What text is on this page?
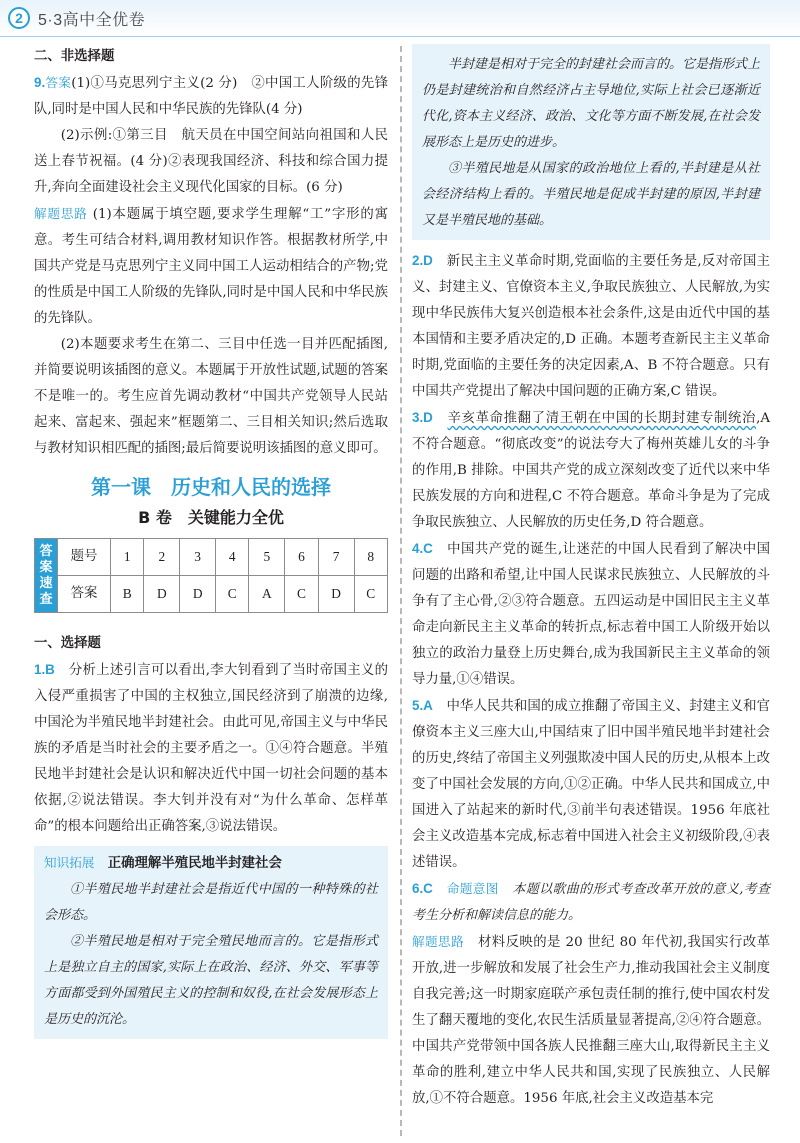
2 5·3高中全优卷

二、非选择题

9.答案(1)①马克思列宁主义(2 分)　②中国工人阶级的先锋队,同时是中国人民和中华民族的先锋队(4 分)

(2)示例:①第三目　航天员在中国空间站向祖国和人民送上春节祝福。(4 分)②表现我国经济、科技和综合国力提升,奔向全面建设社会主义现代化国家的目标。(6 分)

解题思路 (1)本题属于填空题,要求学生理解“工”字形的寓意。考生可结合材料,调用教材知识作答。根据教材所学,中国共产党是马克思列宁主义同中国工人运动相结合的产物;党的性质是中国工人阶级的先锋队,同时是中国人民和中华民族的先锋队。

(2)本题要求考生在第二、三目中任选一目并匹配插图,并简要说明该插图的意义。本题属于开放性试题,试题的答案不是唯一的。考生应首先调动教材“中国共产党领导人民站起来、富起来、强起来”框题第二、三目相关知识;然后选取与教材知识相匹配的插图;最后简要说明该插图的意义即可。

第一课　历史和人民的选择
B 卷　关键能力全优
答案速查	题号	1	2	3	4	5	6	7	8
	答案	B	D	D	C	A	C	D	C

一、选择题

1.B　 分析上述引言可以看出,李大钊看到了当时帝国主义的入侵严重损害了中国的主权独立,国民经济到了崩溃的边缘,中国沦为半殖民地半封建社会。由此可见,帝国主义与中华民族的矛盾是当时社会的主要矛盾之一。①④符合题意。半殖民地半封建社会是认识和解决近代中国一切社会问题的基本依据,②说法错误。李大钊并没有对“为什么革命、怎样革命”的根本问题给出正确答案,③说法错误。

知识拓展　 正确理解半殖民地半封建社会

①半殖民地半封建社会是指近代中国的一种特殊的社会形态。

②半殖民地是相对于完全殖民地而言的。它是指形式上是独立自主的国家,实际上在政治、经济、外交、军事等方面都受到外国殖民主义的控制和奴役,在社会发展形态上是历史的沉沦。

半封建是相对于完全的封建社会而言的。它是指形式上仍是封建统治和自然经济占主导地位,实际上社会已逐渐近代化,资本主义经济、政治、文化等方面不断发展,在社会发展形态上是历史的进步。

③半殖民地是从国家的政治地位上看的,半封建是从社会经济结构上看的。半殖民地是促成半封建的原因,半封建又是半殖民地的基础。

2.D　 新民主主义革命时期,党面临的主要任务是,反对帝国主义、封建主义、官僚资本主义,争取民族独立、人民解放,为实现中华民族伟大复兴创造根本社会条件,这是由近代中国的基本国情和主要矛盾决定的,D 正确。本题考查新民主主义革命时期,党面临的主要任务的决定因素,A、B 不符合题意。只有中国共产党提出了解决中国问题的正确方案,C 错误。

3.D　 辛亥革命推翻了清王朝在中国的长期封建专制统治,A 不符合题意。“彻底改变”的说法夸大了梅州英雄儿女的斗争的作用,B 排除。中国共产党的成立深刻改变了近代以来中华民族发展的方向和进程,C 不符合题意。革命斗争是为了完成争取民族独立、人民解放的历史任务,D 符合题意。

4.C　 中国共产党的诞生,让迷茫的中国人民看到了解决中国问题的出路和希望,让中国人民谋求民族独立、人民解放的斗争有了主心骨,②③符合题意。五四运动是中国旧民主主义革命走向新民主主义革命的转折点,标志着中国工人阶级开始以独立的政治力量登上历史舞台,成为我国新民主主义革命的领导力量,①④错误。

5.A　 中华人民共和国的成立推翻了帝国主义、封建主义和官僚资本主义三座大山,中国结束了旧中国半殖民地半封建社会的历史,终结了帝国主义列强欺凌中国人民的历史,从根本上改变了中国社会发展的方向,①②正确。中华人民共和国成立,中国进入了站起来的新时代,③前半句表述错误。1956 年底社会主义改造基本完成,标志着中国进入社会主义初级阶段,④表述错误。

6.C　 命题意图　 本题以歌曲的形式考查改革开放的意义,考查考生分析和解读信息的能力。

解题思路　 材料反映的是 20 世纪 80 年代初,我国实行改革开放,进一步解放和发展了社会生产力,推动我国社会主义制度自我完善;这一时期家庭联产承包责任制的推行,使中国农村发生了翻天覆地的变化,农民生活质量显著提高,②④符合题意。中国共产党带领中国各族人民推翻三座大山,取得新民主主义革命的胜利,建立中华人民共和国,实现了民族独立、人民解放,①不符合题意。1956 年底,社会主义改造基本完
